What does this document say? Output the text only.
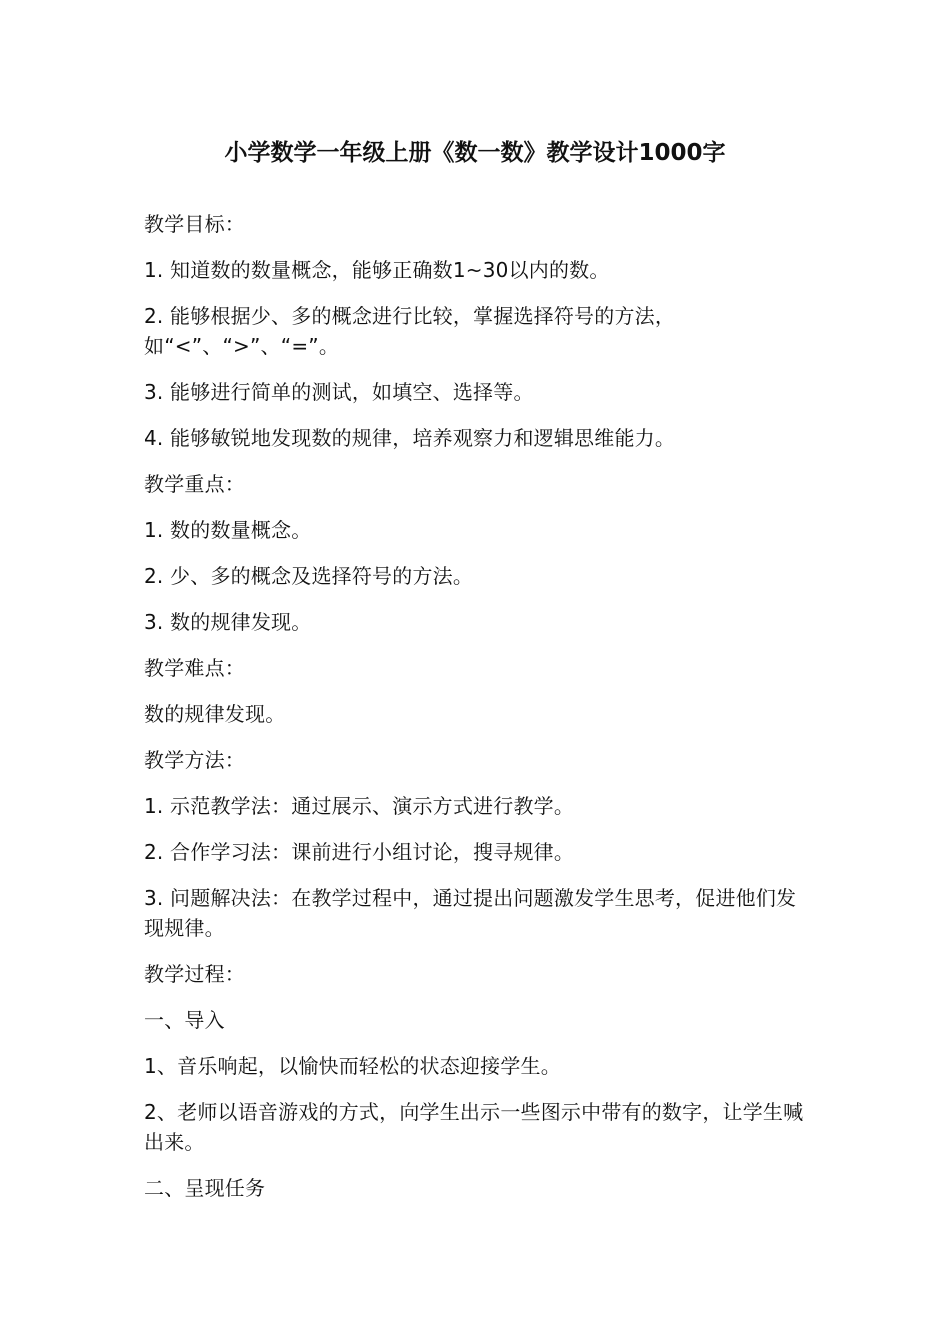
小学数学一年级上册《数一数》教学设计1000字

教学目标：

1. 知道数的数量概念，能够正确数1~30以内的数。

2. 能够根据少、多的概念进行比较，掌握选择符号的方法，如“<”、“>”、“=”。

3. 能够进行简单的测试，如填空、选择等。

4. 能够敏锐地发现数的规律，培养观察力和逻辑思维能力。

教学重点：

1. 数的数量概念。

2. 少、多的概念及选择符号的方法。

3. 数的规律发现。

教学难点：

数的规律发现。

教学方法：

1. 示范教学法：通过展示、演示方式进行教学。

2. 合作学习法：课前进行小组讨论，搜寻规律。

3. 问题解决法：在教学过程中，通过提出问题激发学生思考，促进他们发现规律。

教学过程：

一、导入

1、音乐响起，以愉快而轻松的状态迎接学生。

2、老师以语音游戏的方式，向学生出示一些图示中带有的数字，让学生喊出来。

二、呈现任务
